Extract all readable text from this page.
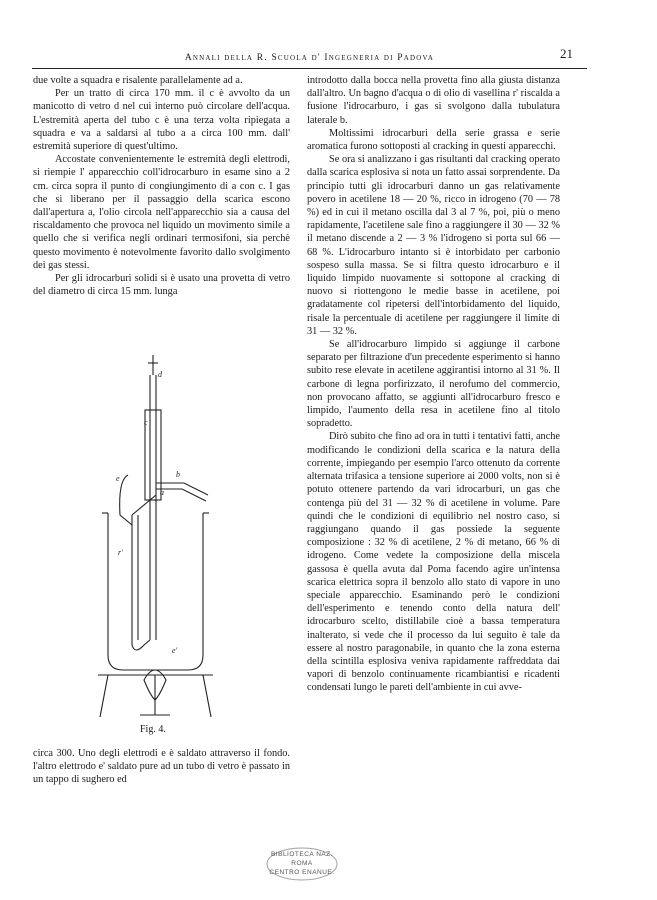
Annali della R. Scuola d' Ingegneria di Padova	21

due volte a squadra e risalente parallelamente ad a.

Per un tratto di circa 170 mm. il c è avvolto da un manicotto di vetro d nel cui interno può circolare dell'acqua. L'estremità aperta del tubo c è una terza volta ripiegata a squadra e va a saldarsi al tubo a a circa 100 mm. dall' estremità superiore di quest'ultimo.

Accostate convenientemente le estremità degli elettrodi, si riempie l' apparecchio coll'idrocarburo in esame sino a 2 cm. circa sopra il punto di congiungimento di a con c. I gas che si liberano per il passaggio della scarica escono dall'apertura a, l'olio circola nell'apparecchio sia a causa del riscaldamento che provoca nel liquido un movimento simile a quello che si verifica negli ordinari termosifoni, sia perchè questo movimento è notevolmente favorito dallo svolgimento dei gas stessi.

Per gli idrocarburi solidi si è usato una provetta di vetro del diametro di circa 15 mm. lunga

d
c
a
b
e
r'
e'
Fig. 4.

circa 300. Uno degli elettrodi e è saldato attraverso il fondo. l'altro elettrodo e' saldato pure ad un tubo di vetro è passato in un tappo di sughero ed

introdotto dalla bocca nella provetta fino alla giusta distanza dall'altro. Un bagno d'acqua o di olio di vasellina r' riscalda a fusione l'idrocarburo, i gas si svolgono dalla tubulatura laterale b.

Moltissimi idrocarburi della serie grassa e serie aromatica furono sottoposti al cracking in questi apparecchi.

Se ora si analizzano i gas risultanti dal cracking operato dalla scarica esplosiva si nota un fatto assai sorprendente. Da principio tutti gli idrocarburi danno un gas relativamente povero in acetilene 18 — 20 %, ricco in idrogeno (70 — 78 %) ed in cui il metano oscilla dal 3 al 7 %, poi, più o meno rapidamente, l'acetilene sale fino a raggiungere il 30 — 32 % il metano discende a 2 — 3 % l'idrogeno si porta sul 66 — 68 %. L'idrocarburo intanto si è intorbidato per carbonio sospeso sulla massa. Se si filtra questo idrocarburo e il liquido limpido nuovamente si sottopone al cracking di nuovo si riottengono le medie basse in acetilene, poi gradatamente col ripetersi dell'intorbidamento del liquido, risale la percentuale di acetilene per raggiungere il limite di 31 — 32 %.

Se all'idrocarburo limpido si aggiunge il carbone separato per filtrazione d'un precedente esperimento si hanno subito rese elevate in acetilene aggirantisi intorno al 31 %. Il carbone di legna porfirizzato, il nerofumo del commercio, non provocano affatto, se aggiunti all'idrocarburo fresco e limpido, l'aumento della resa in acetilene fino al titolo sopradetto.

Dirò subito che fino ad ora in tutti i tentativi fatti, anche modificando le condizioni della scarica e la natura della corrente, impiegando per esempio l'arco ottenuto da corrente alternata trifasica a tensione superiore ai 2000 volts, non si è potuto ottenere partendo da vari idrocarburi, un gas che contenga più del 31 — 32 % di acetilene in volume. Pare quindi che le condizioni di equilibrio nel nostro caso, si raggiungano quando il gas possiede la seguente composizione : 32 % di acetilene, 2 % di metano, 66 % di idrogeno. Come vedete la composizione della miscela gassosa è quella avuta dal Poma facendo agire un'intensa scarica elettrica sopra il benzolo allo stato di vapore in uno speciale apparecchio. Esaminando però le condizioni dell'esperimento e tenendo conto della natura dell' idrocarburo scelto, distillabile cioè a bassa temperatura inalterato, si vede che il processo da lui seguito è tale da essere al nostro paragonabile, in quanto che la zona esterna della scintilla esplosiva veniva rapidamente raffreddata dai vapori di benzolo continuamente ricambiantisi e ricadenti condensati lungo le pareti dell'ambiente in cui avve-

BIBLIOTECA NAZ.
ROMA
CENTRO ENANUE.
